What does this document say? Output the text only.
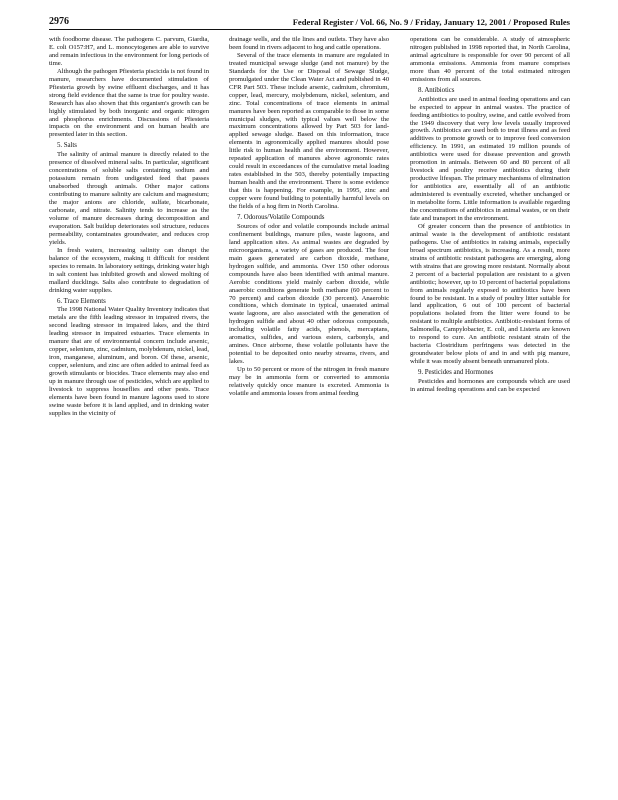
2976	Federal Register / Vol. 66, No. 9 / Friday, January 12, 2001 / Proposed Rules

with foodborne disease. The pathogens C. parvum, Giardia, E. coli O157:H7, and L. monocytogenes are able to survive and remain infectious in the environment for long periods of time.

Although the pathogen Pfiesteria piscicida is not found in manure, researchers have documented stimulation of Pfiesteria growth by swine effluent discharges, and it has strong field evidence that the same is true for poultry waste. Research has also shown that this organism's growth can be highly stimulated by both inorganic and organic nitrogen and phosphorus enrichments. Discussions of Pfiesteria impacts on the environment and on human health are presented later in this section.

5. Salts

The salinity of animal manure is directly related to the presence of dissolved mineral salts. In particular, significant concentrations of soluble salts containing sodium and potassium remain from undigested feed that passes unabsorbed through animals. Other major cations contributing to manure salinity are calcium and magnesium; the major anions are chloride, sulfate, bicarbonate, carbonate, and nitrate. Salinity tends to increase as the volume of manure decreases during decomposition and evaporation. Salt buildup deteriorates soil structure, reduces permeability, contaminates groundwater, and reduces crop yields.

In fresh waters, increasing salinity can disrupt the balance of the ecosystem, making it difficult for resident species to remain. In laboratory settings, drinking water high in salt content has inhibited growth and slowed molting of mallard ducklings. Salts also contribute to degradation of drinking water supplies.

6. Trace Elements

The 1998 National Water Quality Inventory indicates that metals are the fifth leading stressor in impaired rivers, the second leading stressor in impaired lakes, and the third leading stressor in impaired estuaries. Trace elements in manure that are of environmental concern include arsenic, copper, selenium, zinc, cadmium, molybdenum, nickel, lead, iron, manganese, aluminum, and boron. Of these, arsenic, copper, selenium, and zinc are often added to animal feed as growth stimulants or biocides. Trace elements may also end up in manure through use of pesticides, which are applied to livestock to suppress houseflies and other pests. Trace elements have been found in manure lagoons used to store swine waste before it is land applied, and in drinking water supplies in the vicinity of

drainage wells, and the tile lines and outlets. They have also been found in rivers adjacent to hog and cattle operations.

Several of the trace elements in manure are regulated in treated municipal sewage sludge (and not manure) by the Standards for the Use or Disposal of Sewage Sludge, promulgated under the Clean Water Act and published in 40 CFR Part 503. These include arsenic, cadmium, chromium, copper, lead, mercury, molybdenum, nickel, selenium, and zinc. Total concentrations of trace elements in animal manures have been reported as comparable to those in some municipal sludges, with typical values well below the maximum concentrations allowed by Part 503 for land-applied sewage sludge. Based on this information, trace elements in agronomically applied manures should pose little risk to human health and the environment. However, repeated application of manures above agronomic rates could result in exceedances of the cumulative metal loading rates established in the 503, thereby potentially impacting human health and the environment. There is some evidence that this is happening. For example, in 1995, zinc and copper were found building to potentially harmful levels on the fields of a hog firm in North Carolina.

7. Odorous/Volatile Compounds

Sources of odor and volatile compounds include animal confinement buildings, manure piles, waste lagoons, and land application sites. As animal wastes are degraded by microorganisms, a variety of gases are produced. The four main gases generated are carbon dioxide, methane, hydrogen sulfide, and ammonia. Over 150 other odorous compounds have also been identified with animal manure. Aerobic conditions yield mainly carbon dioxide, while anaerobic conditions generate both methane (60 percent to 70 percent) and carbon dioxide (30 percent). Anaerobic conditions, which dominate in typical, unaerated animal waste lagoons, are also associated with the generation of hydrogen sulfide and about 40 other odorous compounds, including volatile fatty acids, phenols, mercaptans, aromatics, sulfides, and various esters, carbonyls, and amines. Once airborne, these volatile pollutants have the potential to be deposited onto nearby streams, rivers, and lakes.

Up to 50 percent or more of the nitrogen in fresh manure may be in ammonia form or converted to ammonia relatively quickly once manure is excreted. Ammonia is volatile and ammonia losses from animal feeding

operations can be considerable. A study of atmospheric nitrogen published in 1998 reported that, in North Carolina, animal agriculture is responsible for over 90 percent of all ammonia emissions. Ammonia from manure comprises more than 40 percent of the total estimated nitrogen emissions from all sources.

8. Antibiotics

Antibiotics are used in animal feeding operations and can be expected to appear in animal wastes. The practice of feeding antibiotics to poultry, swine, and cattle evolved from the 1949 discovery that very low levels usually improved growth. Antibiotics are used both to treat illness and as feed additives to promote growth or to improve feed conversion efficiency. In 1991, an estimated 19 million pounds of antibiotics were used for disease prevention and growth promotion in animals. Between 60 and 80 percent of all livestock and poultry receive antibiotics during their productive lifespan. The primary mechanisms of elimination for antibiotics are, essentially all of an antibiotic administered is eventually excreted, whether unchanged or in metabolite form. Little information is available regarding the concentrations of antibiotics in animal wastes, or on their fate and transport in the environment.

Of greater concern than the presence of antibiotics in animal waste is the development of antibiotic resistant pathogens. Use of antibiotics in raising animals, especially broad spectrum antibiotics, is increasing. As a result, more strains of antibiotic resistant pathogens are emerging, along with strains that are growing more resistant. Normally about 2 percent of a bacterial population are resistant to a given antibiotic; however, up to 10 percent of bacterial populations from animals regularly exposed to antibiotics have been found to be resistant. In a study of poultry litter suitable for land application, 6 out of 100 percent of bacterial populations isolated from the litter were found to be resistant to multiple antibiotics. Antibiotic-resistant forms of Salmonella, Campylobacter, E. coli, and Listeria are known to respond to cure. An antibiotic resistant strain of the bacteria Clostridium perfringens was detected in the groundwater below plots of and in and with pig manure, while it was mostly absent beneath unmanured plots.

9. Pesticides and Hormones

Pesticides and hormones are compounds which are used in animal feeding operations and can be expected
